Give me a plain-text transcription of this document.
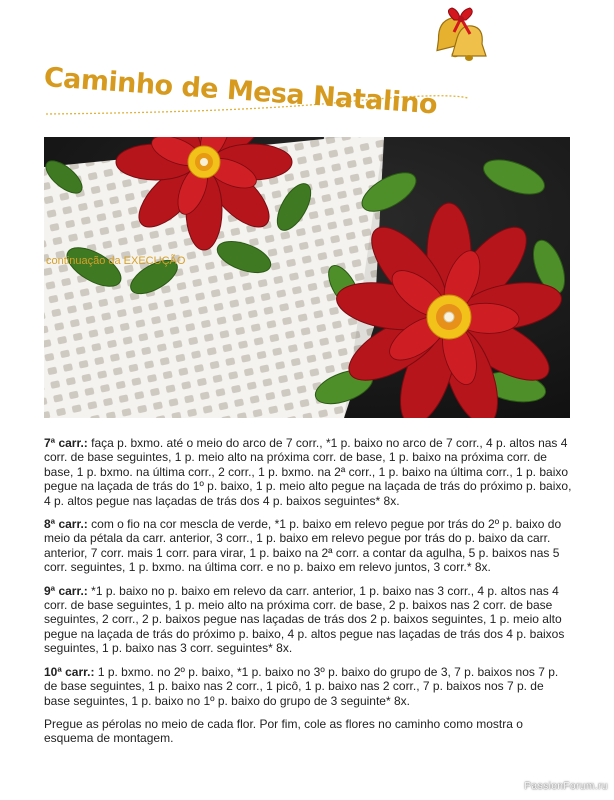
Caminho de Mesa Natalino
continuação da EXECUÇÃO

7ª carr.: faça p. bxmo. até o meio do arco de 7 corr., *1 p. baixo no arco de 7 corr., 4 p. altos nas 4 corr. de base seguintes, 1 p. meio alto na próxima corr. de base, 1 p. baixo na próxima corr. de base, 1 p. bxmo. na última corr., 2 corr., 1 p. bxmo. na 2ª corr., 1 p. baixo na última corr., 1 p. baixo pegue na laçada de trás do 1º p. baixo, 1 p. meio alto pegue na laçada de trás do próximo p. baixo, 4 p. altos pegue nas laçadas de trás dos 4 p. baixos seguintes* 8x.

8ª carr.: com o fio na cor mescla de verde, *1 p. baixo em relevo pegue por trás do 2º p. baixo do meio da pétala da carr. anterior, 3 corr., 1 p. baixo em relevo pegue por trás do p. baixo da carr. anterior, 7 corr. mais 1 corr. para virar, 1 p. baixo na 2ª corr. a contar da agulha, 5 p. baixos nas 5 corr. seguintes, 1 p. bxmo. na última corr. e no p. baixo em relevo juntos, 3 corr.* 8x.

9ª carr.: *1 p. baixo no p. baixo em relevo da carr. anterior, 1 p. baixo nas 3 corr., 4 p. altos nas 4 corr. de base seguintes, 1 p. meio alto na próxima corr. de base, 2 p. baixos nas 2 corr. de base seguintes, 2 corr., 2 p. baixos pegue nas laçadas de trás dos 2 p. baixos seguintes, 1 p. meio alto pegue na laçada de trás do próximo p. baixo, 4 p. altos pegue nas laçadas de trás dos 4 p. baixos seguintes, 1 p. baixo nas 3 corr. seguintes* 8x.

10ª carr.: 1 p. bxmo. no 2º p. baixo, *1 p. baixo no 3º p. baixo do grupo de 3, 7 p. baixos nos 7 p. de base seguintes, 1 p. baixo nas 2 corr., 1 picô, 1 p. baixo nas 2 corr., 7 p. baixos nos 7 p. de base seguintes, 1 p. baixo no 1º p. baixo do grupo de 3 seguinte* 8x.

Pregue as pérolas no meio de cada flor. Por fim, cole as flores no caminho como mostra o esquema de montagem.

PassionForum.ru
